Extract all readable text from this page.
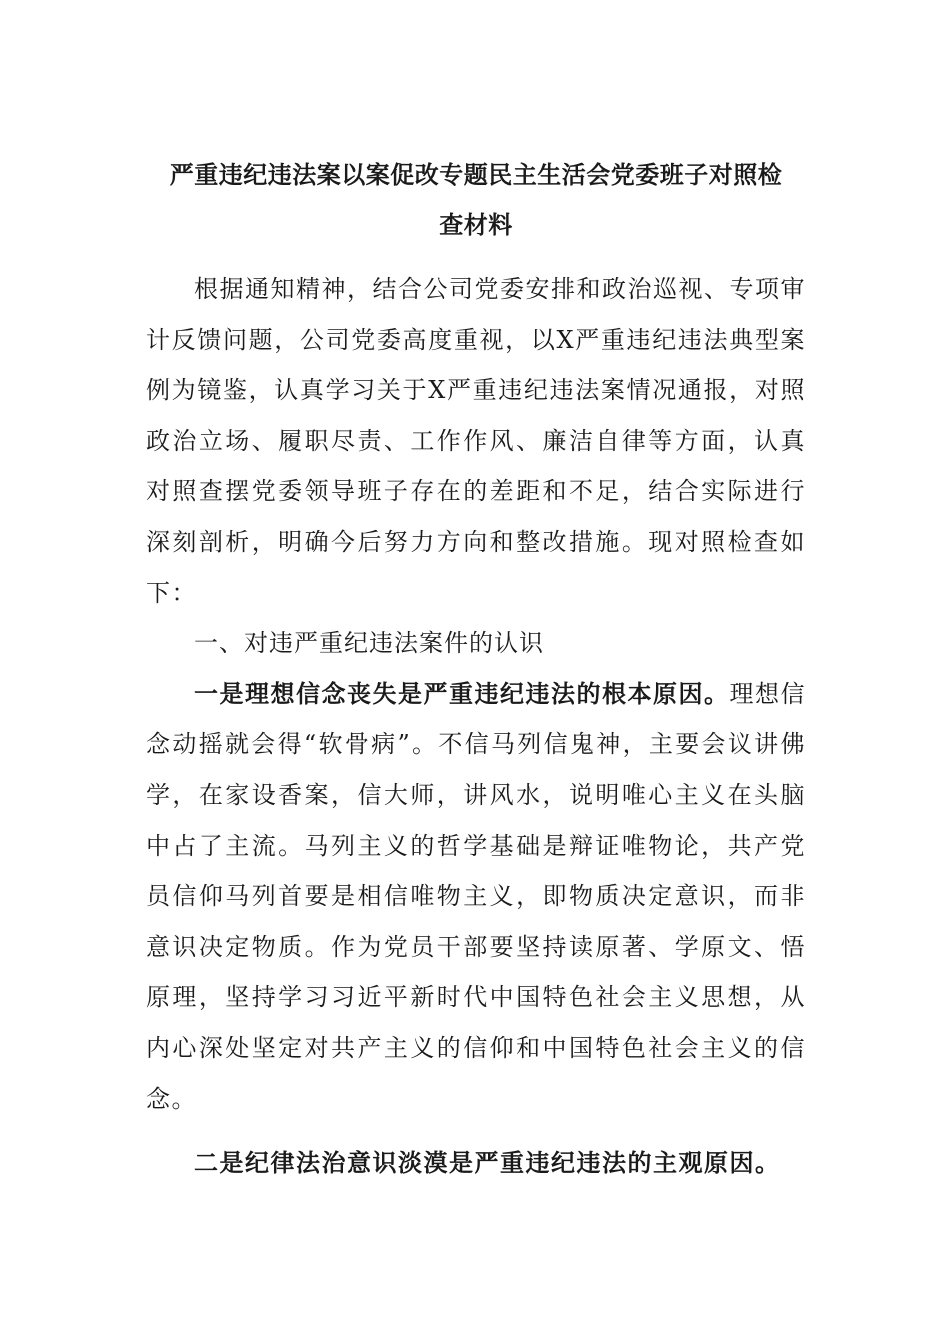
严重违纪违法案以案促改专题民主生活会党委班子对照检
查材料

根据通知精神，结合公司党委安排和政治巡视、专项审计反馈问题，公司党委高度重视，以X严重违纪违法典型案例为镜鉴，认真学习关于X严重违纪违法案情况通报，对照政治立场、履职尽责、工作作风、廉洁自律等方面，认真对照查摆党委领导班子存在的差距和不足，结合实际进行深刻剖析，明确今后努力方向和整改措施。现对照检查如下：

一、对违严重纪违法案件的认识

一是理想信念丧失是严重违纪违法的根本原因。理想信念动摇就会得“软骨病”。不信马列信鬼神，主要会议讲佛学，在家设香案，信大师，讲风水，说明唯心主义在头脑中占了主流。马列主义的哲学基础是辩证唯物论，共产党员信仰马列首要是相信唯物主义，即物质决定意识，而非意识决定物质。作为党员干部要坚持读原著、学原文、悟原理，坚持学习习近平新时代中国特色社会主义思想，从内心深处坚定对共产主义的信仰和中国特色社会主义的信念。

二是纪律法治意识淡漠是严重违纪违法的主观原因。
